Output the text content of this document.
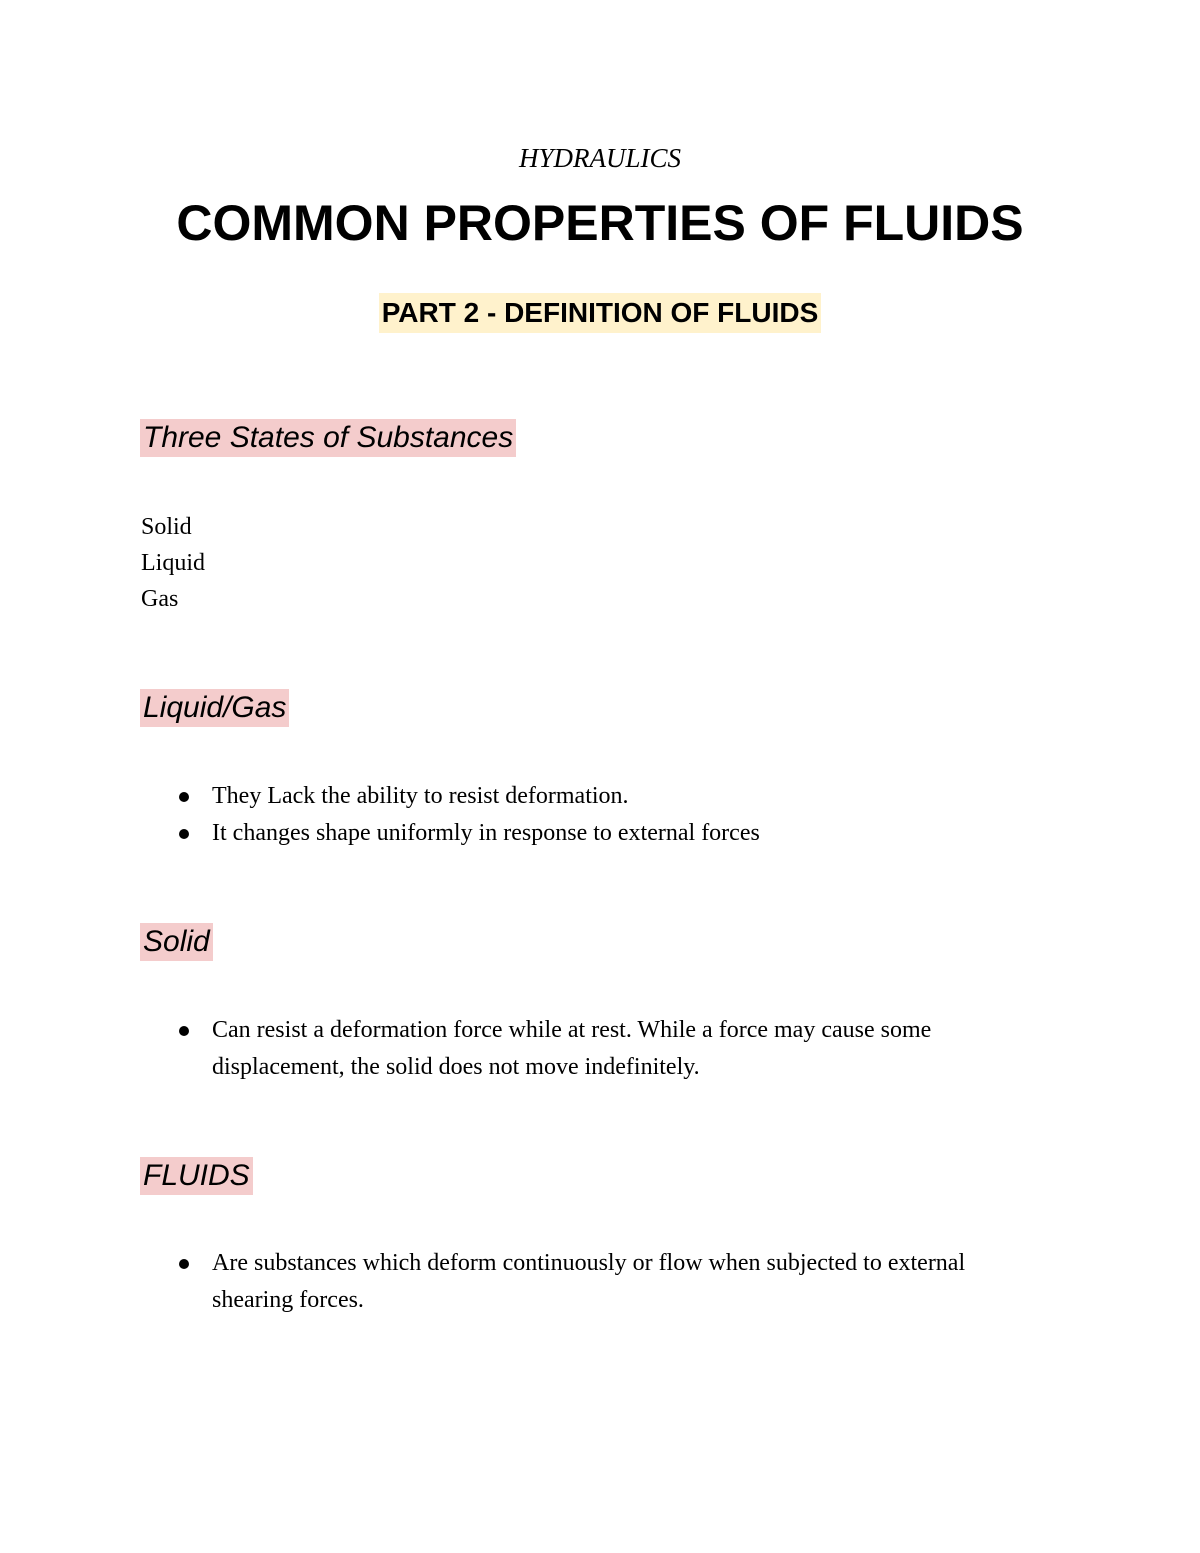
HYDRAULICS
COMMON PROPERTIES OF FLUIDS
PART 2 - DEFINITION OF FLUIDS
Three States of Substances
Solid
Liquid
Gas
Liquid/Gas
They Lack the ability to resist deformation.
It changes shape uniformly in response to external forces
Solid
Can resist a deformation force while at rest. While a force may cause some displacement, the solid does not move indefinitely.
FLUIDS
Are substances which deform continuously or flow when subjected to external shearing forces.
